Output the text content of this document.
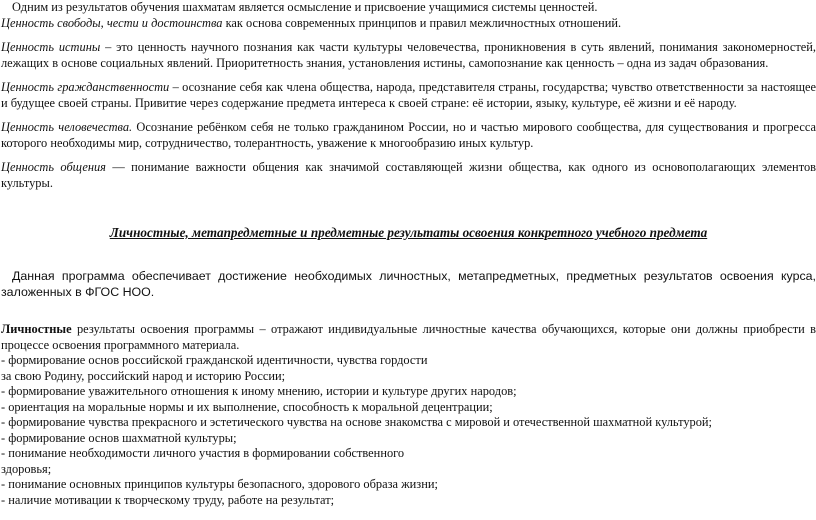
Одним из результатов обучения шахматам является осмысление и присвоение учащимися системы ценностей.

Ценность свободы, чести и достоинства как основа современных принципов и правил межличностных отношений.

Ценность истины – это ценность научного познания как части культуры человечества, проникновения в суть явлений, понимания закономерностей, лежащих в основе социальных явлений. Приоритетность знания, установления истины, самопознание как ценность – одна из задач образования.

Ценность гражданственности – осознание себя как члена общества, народа, представителя страны, государства; чувство ответственности за настоящее и будущее своей страны. Привитие через содержание предмета интереса к своей стране: её истории, языку, культуре, её жизни и её народу.

Ценность человечества. Осознание ребёнком себя не только гражданином России, но и частью мирового сообщества, для существования и прогресса которого необходимы мир, сотрудничество, толерантность, уважение к многообразию иных культур.

Ценность общения — понимание важности общения как значимой составляющей жизни общества, как одного из основополагающих элементов культуры.

Личностные, метапредметные и предметные результаты освоения конкретного учебного предмета

Данная программа обеспечивает достижение необходимых личностных, метапредметных, предметных результатов освоения курса, заложенных в ФГОС НОО.

Личностные результаты освоения программы – отражают индивидуальные личностные качества обучающихся, которые они должны приобрести в процессе освоения программного материала.

- формирование основ российской гражданской идентичности, чувства гордости

за свою Родину, российский народ и историю России;

- формирование уважительного отношения к иному мнению, истории и культуре других народов;

- ориентация на моральные нормы и их выполнение, способность к моральной децентрации;

- формирование чувства прекрасного и эстетического чувства на основе знакомства с мировой и отечественной шахматной культурой;

- формирование основ шахматной культуры;

- понимание необходимости личного участия в формировании собственного

здоровья;

- понимание основных принципов культуры безопасного, здорового образа жизни;

- наличие мотивации к творческому труду, работе на результат;
